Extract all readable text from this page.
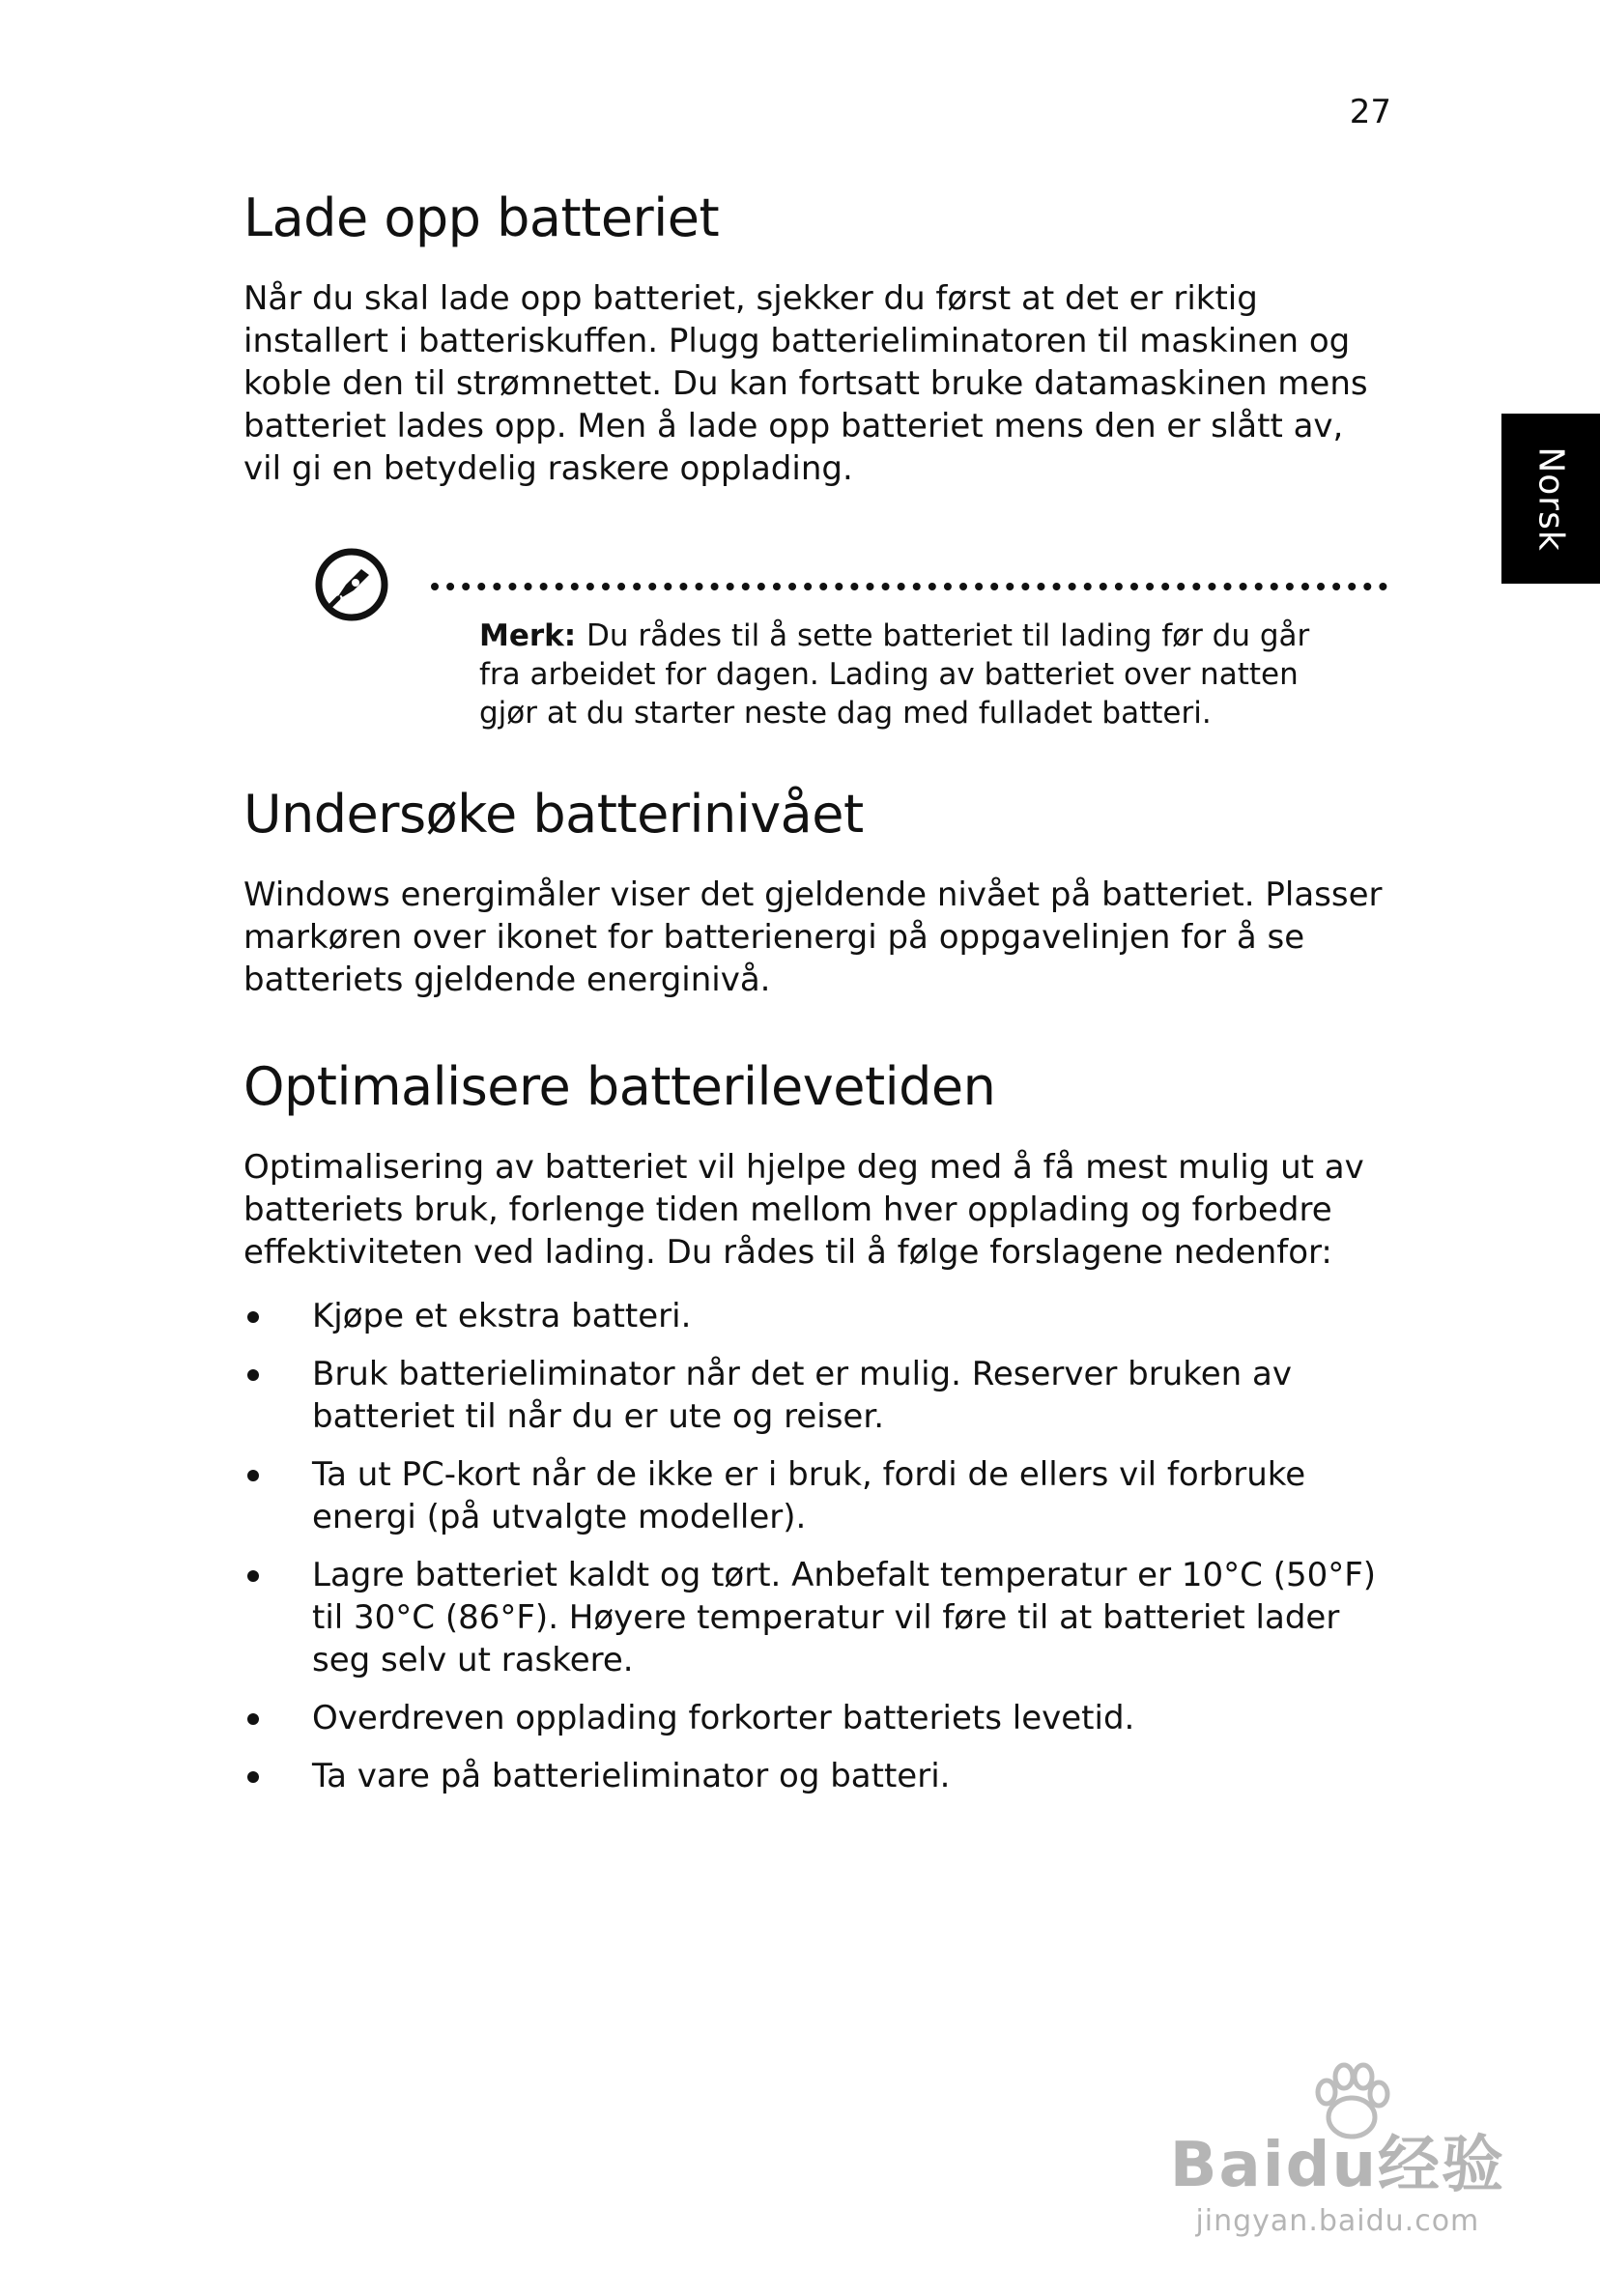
27
Norsk
Lade opp batteriet

Når du skal lade opp batteriet, sjekker du først at det er riktig installert i batteriskuffen. Plugg batterieliminatoren til maskinen og koble den til strømnettet. Du kan fortsatt bruke datamaskinen mens batteriet lades opp. Men å lade opp batteriet mens den er slått av, vil gi en betydelig raskere opplading.

Merk: Du rådes til å sette batteriet til lading før du går fra arbeidet for dagen. Lading av batteriet over natten gjør at du starter neste dag med fulladet batteri.
Undersøke batterinivået

Windows energimåler viser det gjeldende nivået på batteriet. Plasser markøren over ikonet for batterienergi på oppgavelinjen for å se batteriets gjeldende energinivå.

Optimalisere batterilevetiden

Optimalisering av batteriet vil hjelpe deg med å få mest mulig ut av batteriets bruk, forlenge tiden mellom hver opplading og forbedre effektiviteten ved lading. Du rådes til å følge forslagene nedenfor:

Kjøpe et ekstra batteri.
Bruk batterieliminator når det er mulig. Reserver bruken av batteriet til når du er ute og reiser.
Ta ut PC-kort når de ikke er i bruk, fordi de ellers vil forbruke energi (på utvalgte modeller).
Lagre batteriet kaldt og tørt. Anbefalt temperatur er 10°C (50°F) til 30°C (86°F). Høyere temperatur vil føre til at batteriet lader seg selv ut raskere.
Overdreven opplading forkorter batteriets levetid.
Ta vare på batterieliminator og batteri.
Baidu经验
jingyan.baidu.com
